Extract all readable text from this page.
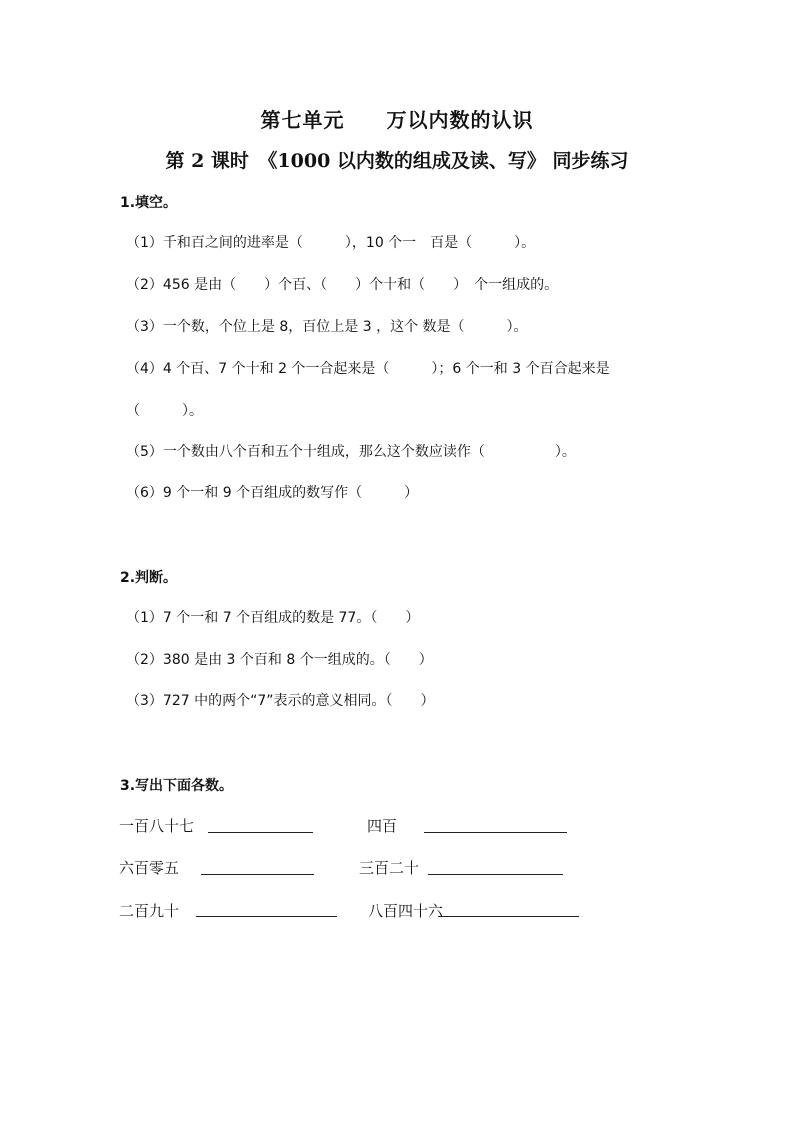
第七单元　　万以内数的认识
第 2 课时　《1000 以内数的组成及读、写》 同步练习
1.填空。
（1）千和百之间的进率是（　　　），10 个一　百是（　　　）。
（2）456 是由（　　）个百、（　　）个十和（　　）　个一组成的。
（3）一个数，个位上是 8，百位上是 3 ，这个 数是（　　　）。
（4）4 个百、7 个十和 2 个一合起来是（　　　）；6 个一和 3 个百合起来是
（　　　）。
（5）一个数由八个百和五个十组成，那么这个数应读作（　　　　　）。
（6）9 个一和 9 个百组成的数写作（　　　）
2.判断。
（1）7 个一和 7 个百组成的数是 77。（　　）
（2）380 是由 3 个百和 8 个一组成的。（　　）
（3）727 中的两个“7”表示的意义相同。（　　）
3.写出下面各数。
一百八十七	四百
六百零五	三百二十
二百九十	八百四十六
